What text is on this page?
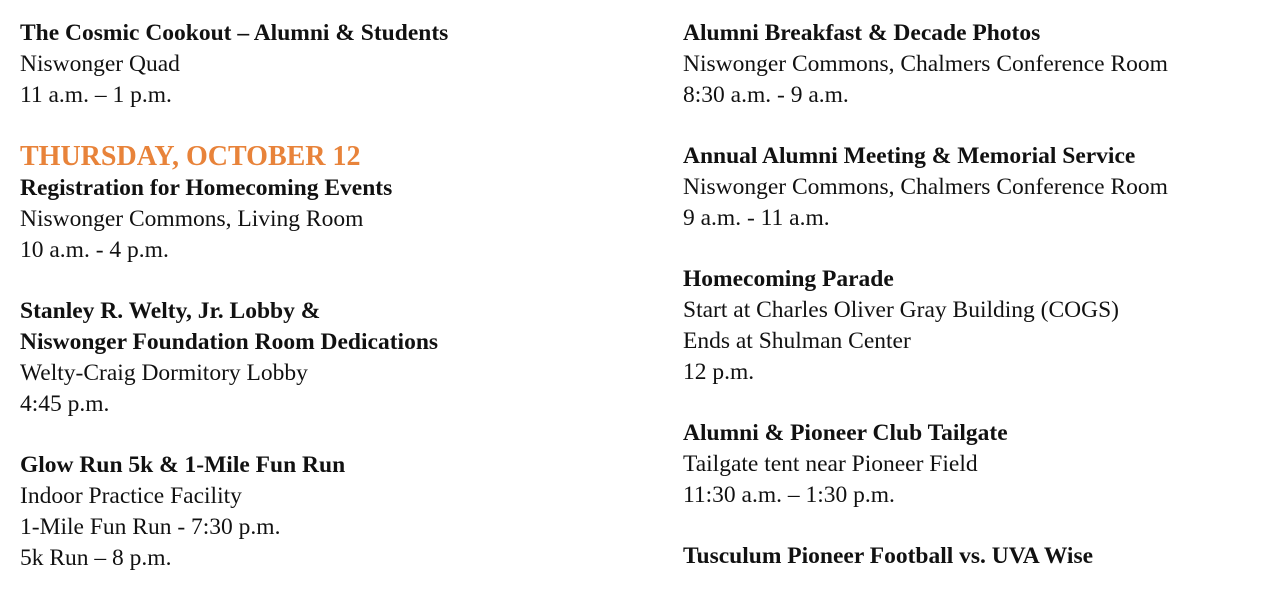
The Cosmic Cookout – Alumni & Students
Niswonger Quad
11 a.m. – 1 p.m.
THURSDAY, OCTOBER 12
Registration for Homecoming Events
Niswonger Commons, Living Room
10 a.m. - 4 p.m.
Stanley R. Welty, Jr. Lobby &
Niswonger Foundation Room Dedications
Welty-Craig Dormitory Lobby
4:45 p.m.
Glow Run 5k & 1-Mile Fun Run
Indoor Practice Facility
1-Mile Fun Run - 7:30 p.m.
5k Run – 8 p.m.
Alumni Breakfast & Decade Photos
Niswonger Commons, Chalmers Conference Room
8:30 a.m. - 9 a.m.
Annual Alumni Meeting & Memorial Service
Niswonger Commons, Chalmers Conference Room
9 a.m. - 11 a.m.
Homecoming Parade
Start at Charles Oliver Gray Building (COGS)
Ends at Shulman Center
12 p.m.
Alumni & Pioneer Club Tailgate
Tailgate tent near Pioneer Field
11:30 a.m. – 1:30 p.m.
Tusculum Pioneer Football vs. UVA Wise
